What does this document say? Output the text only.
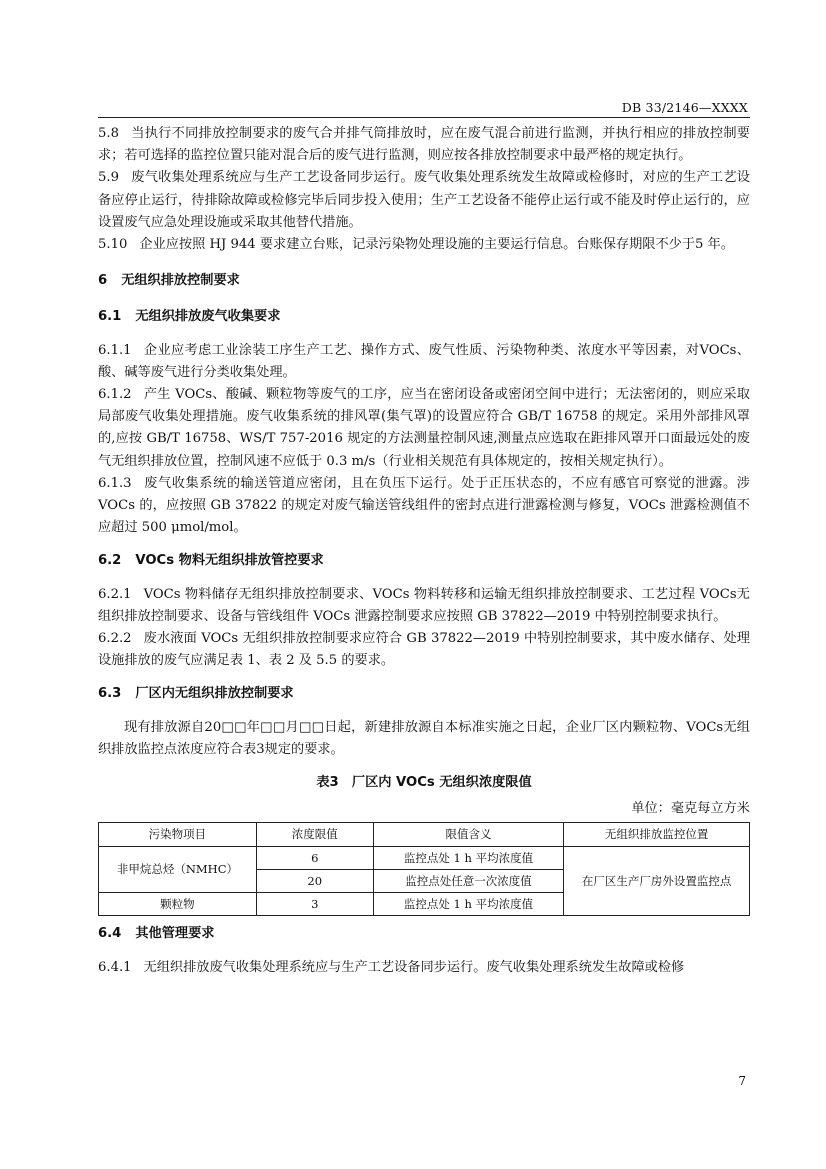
DB 33/2146—XXXX

5.8 当执行不同排放控制要求的废气合并排气筒排放时，应在废气混合前进行监测，并执行相应的排放控制要求；若可选择的监控位置只能对混合后的废气进行监测，则应按各排放控制要求中最严格的规定执行。

5.9 废气收集处理系统应与生产工艺设备同步运行。废气收集处理系统发生故障或检修时，对应的生产工艺设备应停止运行，待排除故障或检修完毕后同步投入使用；生产工艺设备不能停止运行或不能及时停止运行的，应设置废气应急处理设施或采取其他替代措施。

5.10 企业应按照 HJ 944 要求建立台账，记录污染物处理设施的主要运行信息。台账保存期限不少于5 年。

6 无组织排放控制要求

6.1 无组织排放废气收集要求

6.1.1 企业应考虑工业涂装工序生产工艺、操作方式、废气性质、污染物种类、浓度水平等因素，对VOCs、酸、碱等废气进行分类收集处理。

6.1.2 产生 VOCs、酸碱、颗粒物等废气的工序，应当在密闭设备或密闭空间中进行；无法密闭的，则应采取局部废气收集处理措施。废气收集系统的排风罩(集气罩)的设置应符合 GB/T 16758 的规定。采用外部排风罩的,应按 GB/T 16758、WS/T 757-2016 规定的方法测量控制风速,测量点应选取在距排风罩开口面最远处的废气无组织排放位置，控制风速不应低于 0.3 m/s（行业相关规范有具体规定的，按相关规定执行）。

6.1.3 废气收集系统的输送管道应密闭，且在负压下运行。处于正压状态的，不应有感官可察觉的泄露。涉 VOCs 的，应按照 GB 37822 的规定对废气输送管线组件的密封点进行泄露检测与修复，VOCs 泄露检测值不应超过 500 μmol/mol。

6.2 VOCs 物料无组织排放管控要求

6.2.1 VOCs 物料储存无组织排放控制要求、VOCs 物料转移和运输无组织排放控制要求、工艺过程 VOCs无组织排放控制要求、设备与管线组件 VOCs 泄露控制要求应按照 GB 37822—2019 中特别控制要求执行。

6.2.2 废水液面 VOCs 无组织排放控制要求应符合 GB 37822—2019 中特别控制要求，其中废水储存、处理设施排放的废气应满足表 1、表 2 及 5.5 的要求。

6.3 厂区内无组织排放控制要求

现有排放源自20□□年□□月□□日起，新建排放源自本标准实施之日起，企业厂区内颗粒物、VOCs无组织排放监控点浓度应符合表3规定的要求。

表3　厂区内 VOCs 无组织浓度限值

单位：毫克每立方米

污染物项目	浓度限值	限值含义	无组织排放监控位置
非甲烷总烃（NMHC）	6	监控点处 1 h 平均浓度值	在厂区生产厂房外设置监控点
	20	监控点处任意一次浓度值	
颗粒物	3	监控点处 1 h 平均浓度值	

6.4 其他管理要求

6.4.1 无组织排放废气收集处理系统应与生产工艺设备同步运行。废气收集处理系统发生故障或检修

7
